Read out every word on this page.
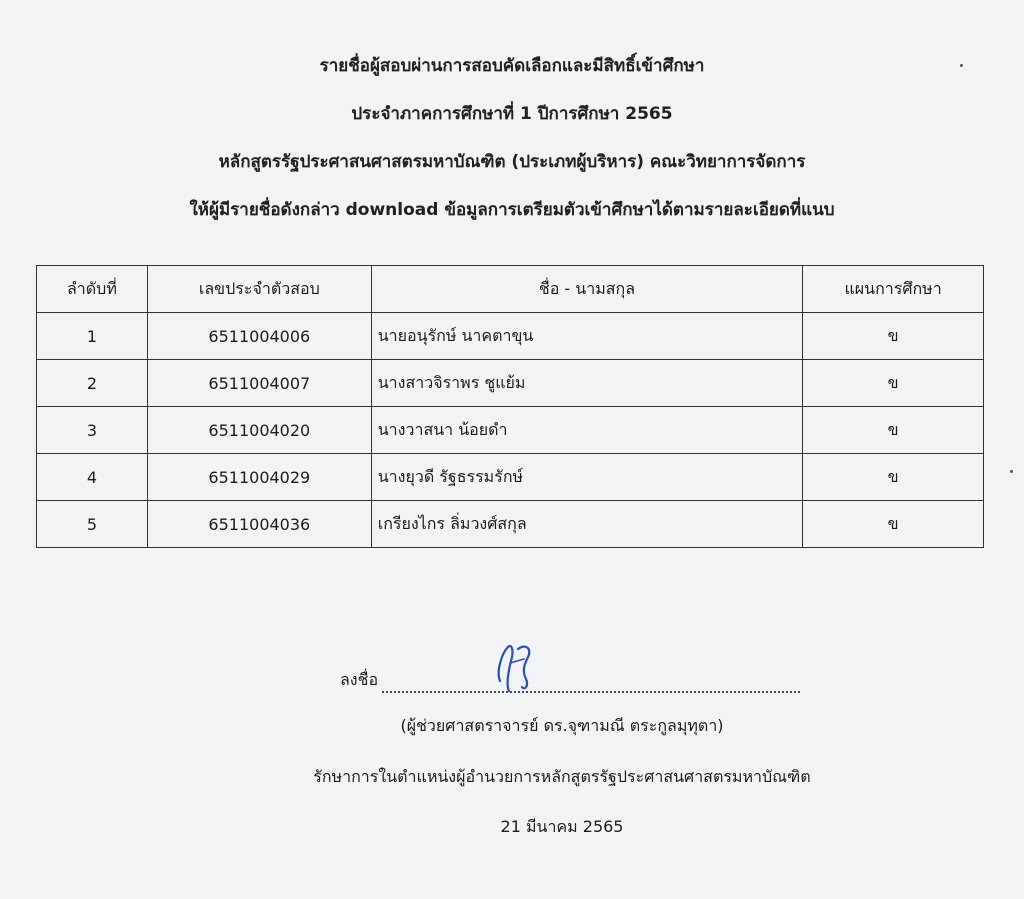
รายชื่อผู้สอบผ่านการสอบคัดเลือกและมีสิทธิ์เข้าศึกษา
ประจำภาคการศึกษาที่ 1 ปีการศึกษา 2565
หลักสูตรรัฐประศาสนศาสตรมหาบัณฑิต (ประเภทผู้บริหาร) คณะวิทยาการจัดการ
ให้ผู้มีรายชื่อดังกล่าว download ข้อมูลการเตรียมตัวเข้าศึกษาได้ตามรายละเอียดที่แนบ
ลำดับที่	เลขประจำตัวสอบ	ชื่อ - นามสกุล	แผนการศึกษา
1	6511004006	นายอนุรักษ์ นาคตาขุน	ข
2	6511004007	นางสาวจิราพร ชูแย้ม	ข
3	6511004020	นางวาสนา น้อยดำ	ข
4	6511004029	นางยุวดี รัฐธรรมรักษ์	ข
5	6511004036	เกรียงไกร ลิ่มวงศ์สกุล	ข
ลงชื่อ
(ผู้ช่วยศาสตราจารย์ ดร.จุฑามณี ตระกูลมุทุตา)
รักษาการในตำแหน่งผู้อำนวยการหลักสูตรรัฐประศาสนศาสตรมหาบัณฑิต
21 มีนาคม 2565
